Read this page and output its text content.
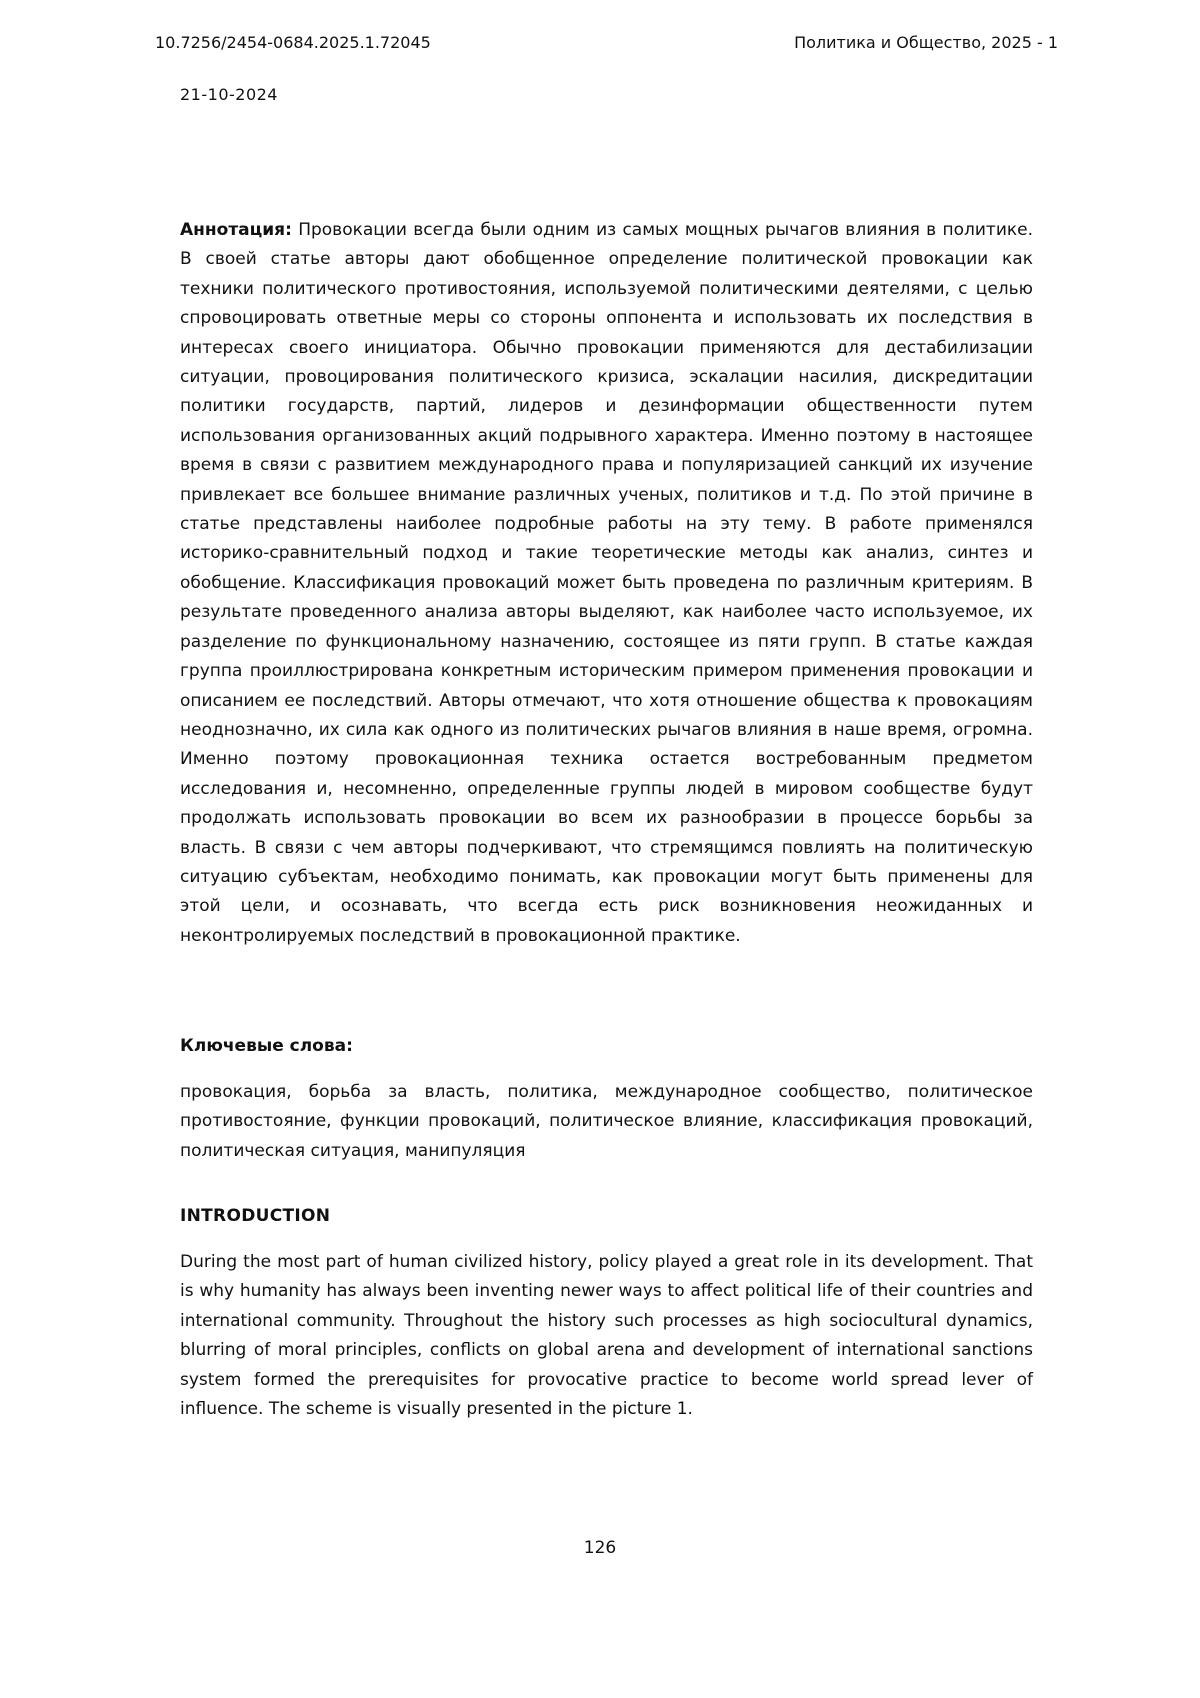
10.7256/2454-0684.2025.1.72045	Политика и Общество, 2025 - 1
21-10-2024

Аннотация: Провокации всегда были одним из самых мощных рычагов влияния в политике. В своей статье авторы дают обобщенное определение политической провокации как техники политического противостояния, используемой политическими деятелями, с целью спровоцировать ответные меры со стороны оппонента и использовать их последствия в интересах своего инициатора. Обычно провокации применяются для дестабилизации ситуации, провоцирования политического кризиса, эскалации насилия, дискредитации политики государств, партий, лидеров и дезинформации общественности путем использования организованных акций подрывного характера. Именно поэтому в настоящее время в связи с развитием международного права и популяризацией санкций их изучение привлекает все большее внимание различных ученых, политиков и т.д. По этой причине в статье представлены наиболее подробные работы на эту тему. В работе применялся историко-сравнительный подход и такие теоретические методы как анализ, синтез и обобщение. Классификация провокаций может быть проведена по различным критериям. В результате проведенного анализа авторы выделяют, как наиболее часто используемое, их разделение по функциональному назначению, состоящее из пяти групп. В статье каждая группа проиллюстрирована конкретным историческим примером применения провокации и описанием ее последствий. Авторы отмечают, что хотя отношение общества к провокациям неоднозначно, их сила как одного из политических рычагов влияния в наше время, огромна. Именно поэтому провокационная техника остается востребованным предметом исследования и, несомненно, определенные группы людей в мировом сообществе будут продолжать использовать провокации во всем их разнообразии в процессе борьбы за власть. В связи с чем авторы подчеркивают, что стремящимся повлиять на политическую ситуацию субъектам, необходимо понимать, как провокации могут быть применены для этой цели, и осознавать, что всегда есть риск возникновения неожиданных и неконтролируемых последствий в провокационной практике.

Ключевые слова:

провокация, борьба за власть, политика, международное сообщество, политическое противостояние, функции провокаций, политическое влияние, классификация провокаций, политическая ситуация, манипуляция

INTRODUCTION

During the most part of human civilized history, policy played a great role in its development. That is why humanity has always been inventing newer ways to affect political life of their countries and international community. Throughout the history such processes as high sociocultural dynamics, blurring of moral principles, conflicts on global arena and development of international sanctions system formed the prerequisites for provocative practice to become world spread lever of influence. The scheme is visually presented in the picture 1.

126
